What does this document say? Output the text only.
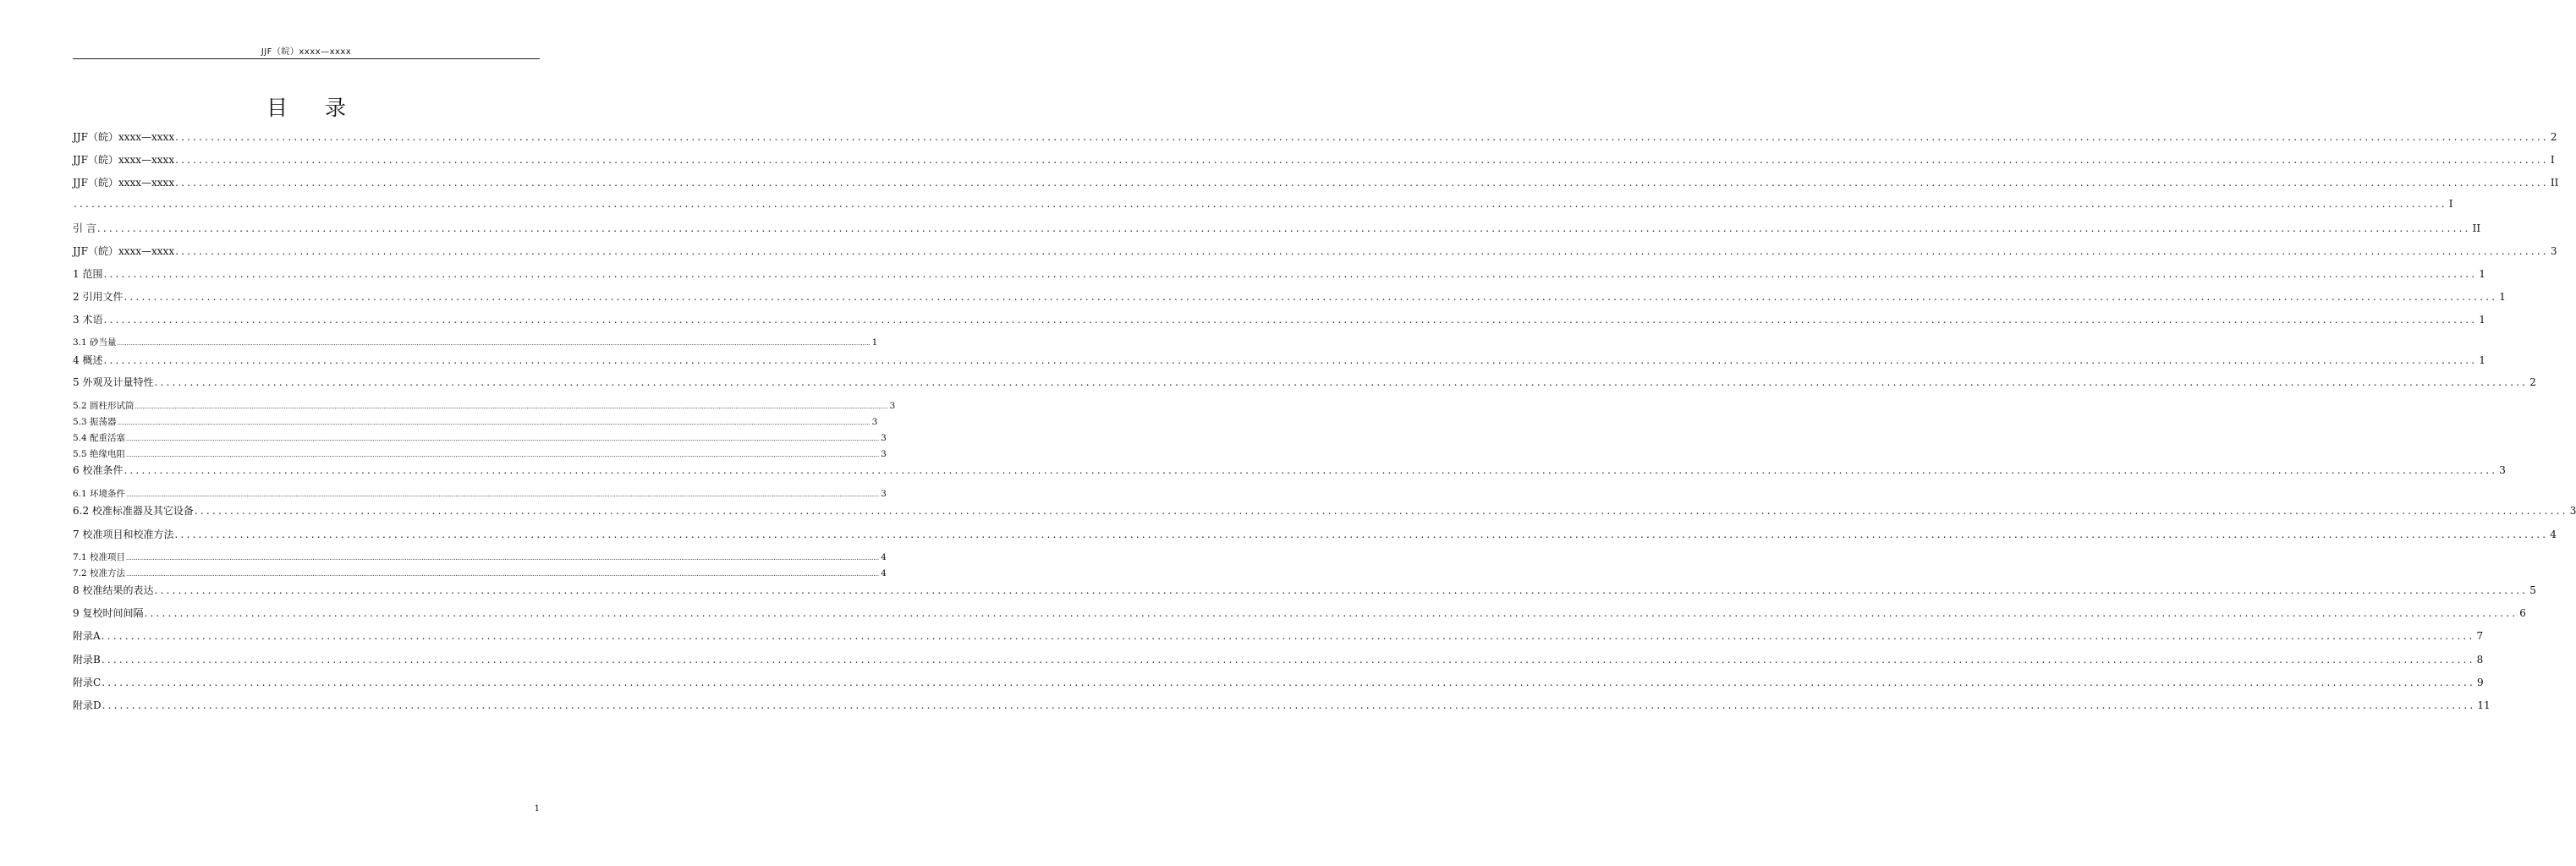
JJF（皖）xxxx—xxxx
目录
JJF（皖）xxxx—xxxx ................................................................................................................................................................................................................................................................................................................................................................................................................ 2
JJF（皖）xxxx—xxxx ................................................................................................................................................................................................................................................................................................................................................................................................................ I
JJF（皖）xxxx—xxxx ................................................................................................................................................................................................................................................................................................................................................................................................................ II
................................................................................................................................................................................................................................................................................................................................................................................................................ I
引 言 ................................................................................................................................................................................................................................................................................................................................................................................................................ II
JJF（皖）xxxx—xxxx ................................................................................................................................................................................................................................................................................................................................................................................................................ 3
1 范围 ................................................................................................................................................................................................................................................................................................................................................................................................................ 1
2 引用文件 ................................................................................................................................................................................................................................................................................................................................................................................................................ 1
3 术语 ................................................................................................................................................................................................................................................................................................................................................................................................................ 1
3.1 砂当量 ................................................................................................................................................................................................................................................................................................................................................................................................................ 1
4 概述 ................................................................................................................................................................................................................................................................................................................................................................................................................ 1
5 外观及计量特性 ................................................................................................................................................................................................................................................................................................................................................................................................................ 2
5.2 圆柱形试筒 ................................................................................................................................................................................................................................................................................................................................................................................................................ 3
5.3 振荡器 ................................................................................................................................................................................................................................................................................................................................................................................................................ 3
5.4 配重活塞 ................................................................................................................................................................................................................................................................................................................................................................................................................ 3
5.5 绝缘电阻 ................................................................................................................................................................................................................................................................................................................................................................................................................ 3
6 校准条件 ................................................................................................................................................................................................................................................................................................................................................................................................................ 3
6.1 环境条件 ................................................................................................................................................................................................................................................................................................................................................................................................................ 3
6.2 校准标准器及其它设备 ................................................................................................................................................................................................................................................................................................................................................................................................................ 3
7 校准项目和校准方法 ................................................................................................................................................................................................................................................................................................................................................................................................................ 4
7.1 校准项目 ................................................................................................................................................................................................................................................................................................................................................................................................................ 4
7.2 校准方法 ................................................................................................................................................................................................................................................................................................................................................................................................................ 4
8 校准结果的表达 ................................................................................................................................................................................................................................................................................................................................................................................................................ 5
9 复校时间间隔 ................................................................................................................................................................................................................................................................................................................................................................................................................ 6
附录A ................................................................................................................................................................................................................................................................................................................................................................................................................ 7
附录B ................................................................................................................................................................................................................................................................................................................................................................................................................ 8
附录C ................................................................................................................................................................................................................................................................................................................................................................................................................ 9
附录D ................................................................................................................................................................................................................................................................................................................................................................................................................ 11
1
